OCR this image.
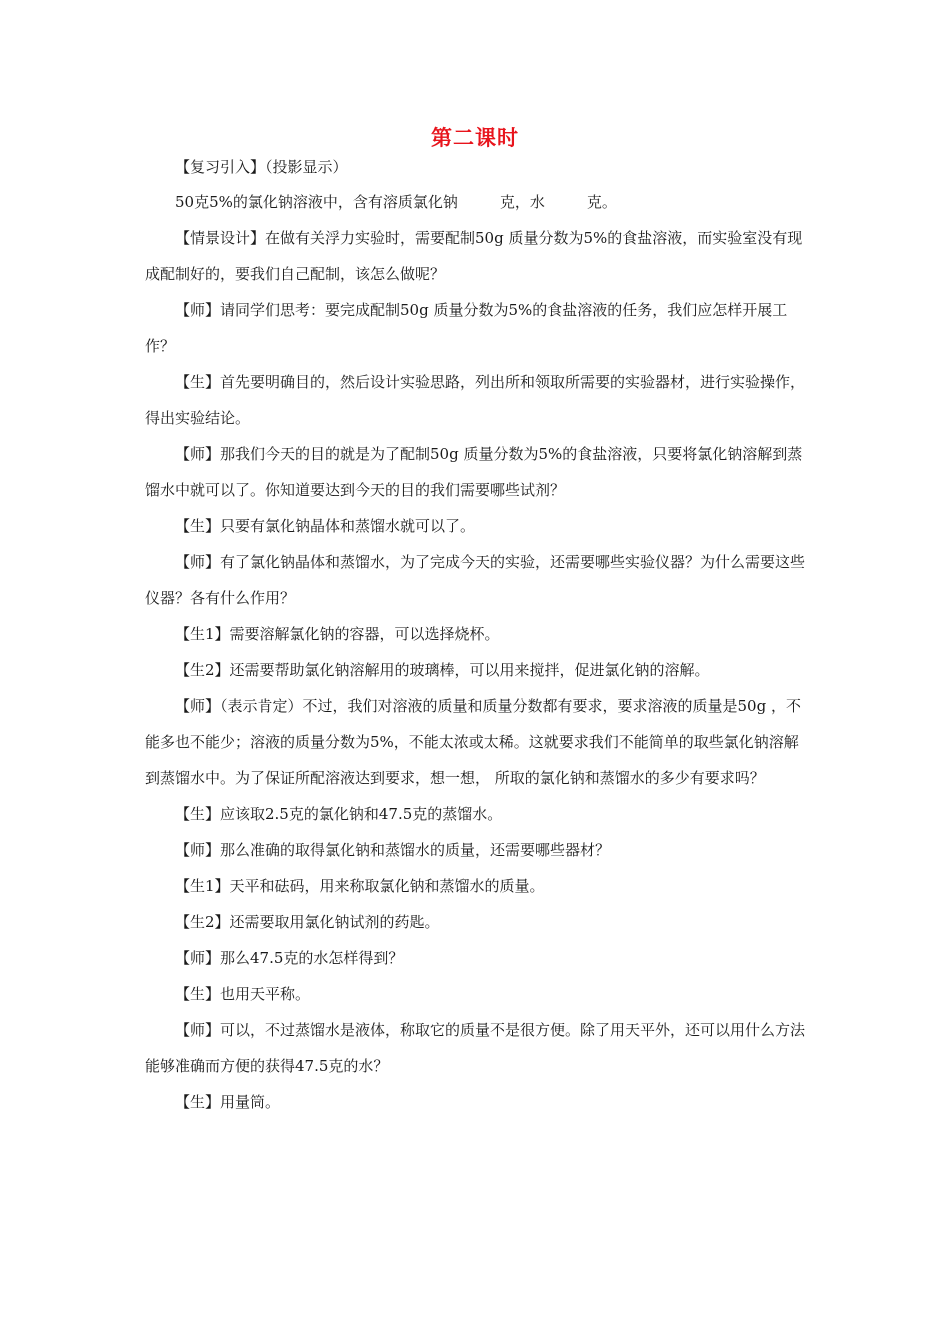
第二课时

【复习引入】（投影显示）

50克5%的氯化钠溶液中，含有溶质氯化钠	克，水	克。

【情景设计】在做有关浮力实验时，需要配制50g 质量分数为5%的食盐溶液，而实验室没有现成配制好的，要我们自己配制，该怎么做呢？

【师】请同学们思考：要完成配制50g 质量分数为5%的食盐溶液的任务，我们应怎样开展工作？

【生】首先要明确目的，然后设计实验思路，列出所和领取所需要的实验器材，进行实验操作，得出实验结论。

【师】那我们今天的目的就是为了配制50g 质量分数为5%的食盐溶液，只要将氯化钠溶解到蒸馏水中就可以了。你知道要达到今天的目的我们需要哪些试剂？

【生】只要有氯化钠晶体和蒸馏水就可以了。

【师】有了氯化钠晶体和蒸馏水，为了完成今天的实验，还需要哪些实验仪器？为什么需要这些仪器？各有什么作用？

【生1】需要溶解氯化钠的容器，可以选择烧杯。

【生2】还需要帮助氯化钠溶解用的玻璃棒，可以用来搅拌，促进氯化钠的溶解。

【师】（表示肯定）不过，我们对溶液的质量和质量分数都有要求，要求溶液的质量是50g ，不能多也不能少；溶液的质量分数为5%，不能太浓或太稀。这就要求我们不能简单的取些氯化钠溶解到蒸馏水中。为了保证所配溶液达到要求，想一想， 所取的氯化钠和蒸馏水的多少有要求吗？

【生】应该取2.5克的氯化钠和47.5克的蒸馏水。

【师】那么准确的取得氯化钠和蒸馏水的质量，还需要哪些器材？

【生1】天平和砝码，用来称取氯化钠和蒸馏水的质量。

【生2】还需要取用氯化钠试剂的药匙。

【师】那么47.5克的水怎样得到？

【生】也用天平称。

【师】可以，不过蒸馏水是液体，称取它的质量不是很方便。除了用天平外，还可以用什么方法能够准确而方便的获得47.5克的水？

【生】用量筒。
